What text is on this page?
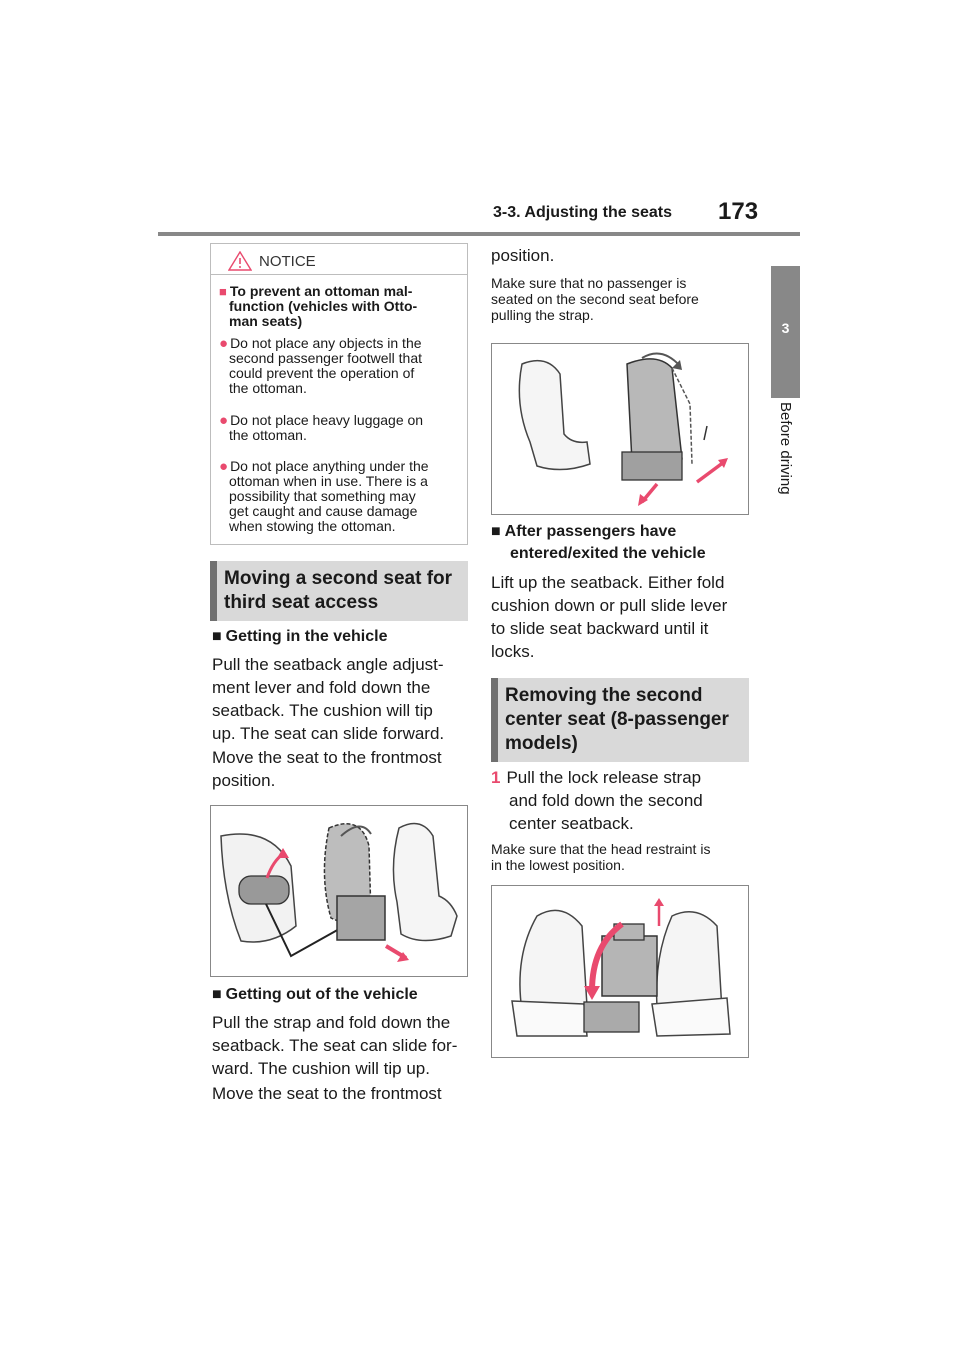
3-3. Adjusting the seats 173
3
Before driving
NOTICE
■ To prevent an ottoman mal-
function (vehicles with Otto-
man seats)
● Do not place any objects in the
second passenger footwell that
could prevent the operation of
the ottoman.
● Do not place heavy luggage on
the ottoman.
● Do not place anything under the
ottoman when in use. There is a
possibility that something may
get caught and cause damage
when stowing the ottoman.
Moving a second seat for
third seat access
■ Getting in the vehicle
Pull the seatback angle adjust-
ment lever and fold down the
seatback. The cushion will tip
up. The seat can slide forward.
Move the seat to the frontmost
position.
■ Getting out of the vehicle
Pull the strap and fold down the
seatback. The seat can slide for-
ward. The cushion will tip up.
Move the seat to the frontmost
position.
Make sure that no passenger is
seated on the second seat before
pulling the strap.
■ After passengers have
entered/exited the vehicle
Lift up the seatback. Either fold
cushion down or pull slide lever
to slide seat backward until it
locks.
Removing the second
center seat (8-passenger
models)
1 Pull the lock release strap
and fold down the second
center seatback.
Make sure that the head restraint is
in the lowest position.
